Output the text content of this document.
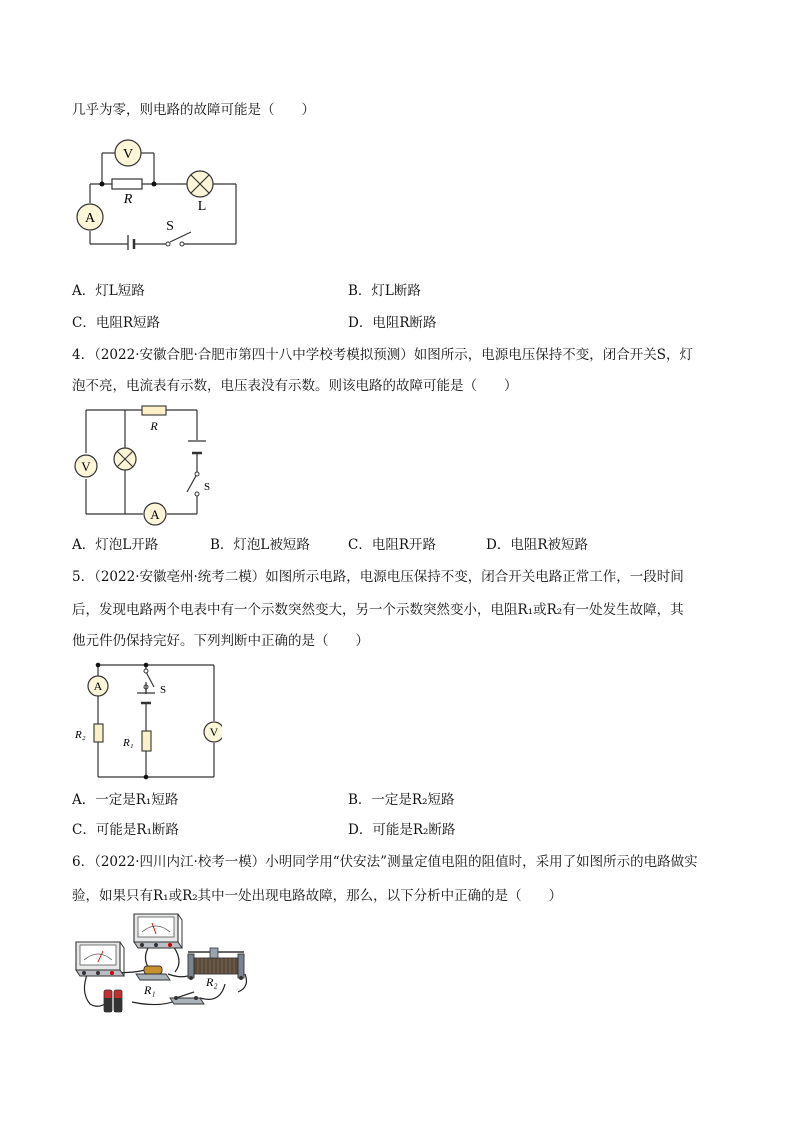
几乎为零，则电路的故障可能是（　　）
V
A
R	L
S
A．灯L短路	B．灯L断路
C．电阻R短路	D．电阻R断路
4．（2022·安徽合肥·合肥市第四十八中学校考模拟预测）如图所示，电源电压保持不变，闭合开关S，灯
泡不亮，电流表有示数，电压表没有示数。则该电路的故障可能是（　　）
V
A
R
S
A．灯泡L开路	B．灯泡L被短路	C．电阻R开路	D．电阻R被短路
5．（2022·安徽亳州·统考二模）如图所示电路，电源电压保持不变，闭合开关电路正常工作，一段时间
后，发现电路两个电表中有一个示数突然变大，另一个示数突然变小，电阻R₁或R₂有一处发生故障，其
他元件仍保持完好。下列判断中正确的是（　　）
A
V
S
R₂
R₁
A．一定是R₁短路	B．一定是R₂短路
C．可能是R₁断路	D．可能是R₂断路
6．（2022·四川内江·校考一模）小明同学用“伏安法”测量定值电阻的阻值时，采用了如图所示的电路做实
验，如果只有R₁或R₂其中一处出现电路故障，那么，以下分析中正确的是（　　）
R₁
R₂
